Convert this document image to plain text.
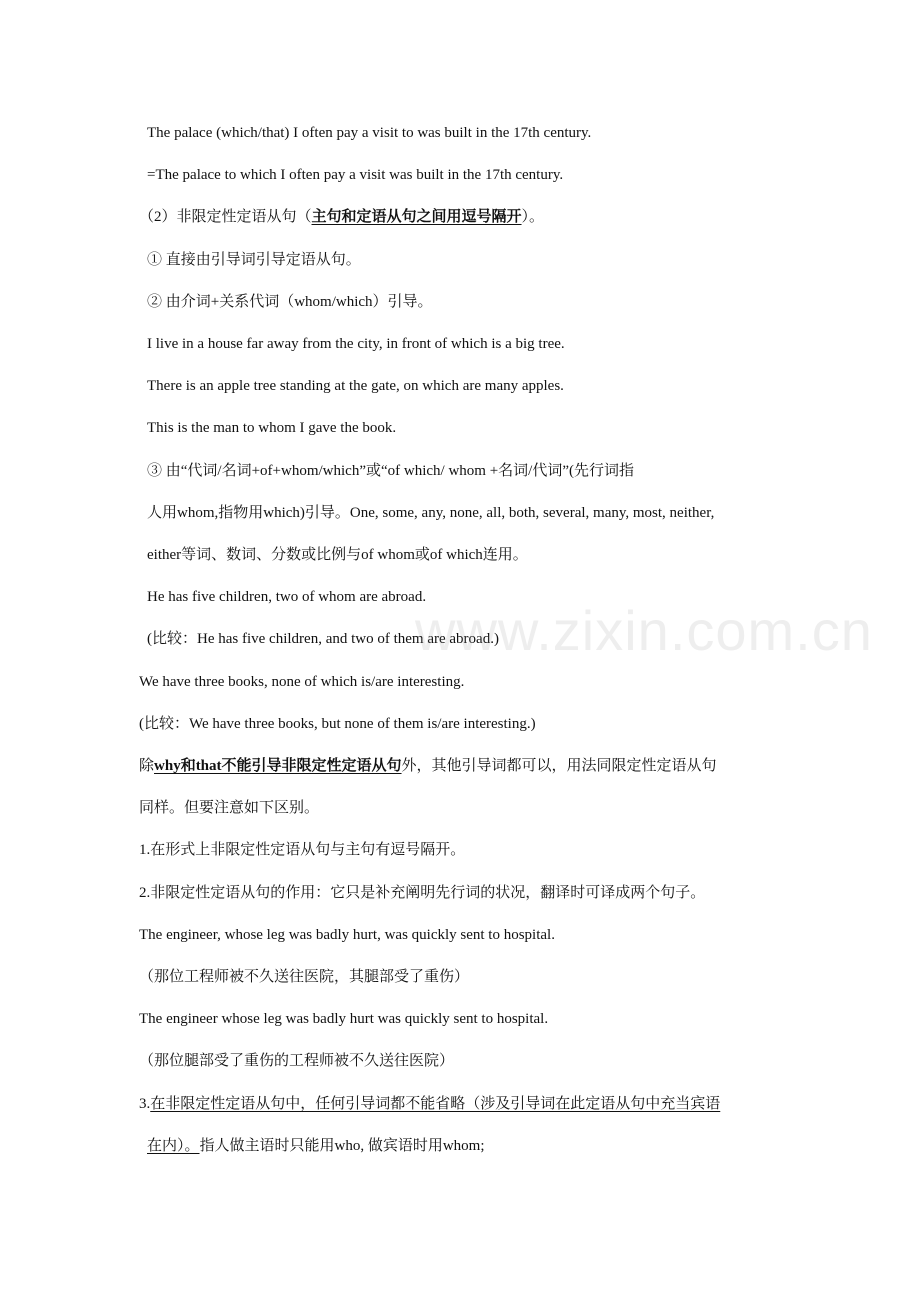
The palace (which/that) I often pay a visit to was built in the 17th century.
=The palace to which I often pay a visit was built in the 17th century.
（2）非限定性定语从句（主句和定语从句之间用逗号隔开）。
① 直接由引导词引导定语从句。
② 由介词+关系代词（whom/which）引导。
I live in a house far away from the city, in front of which is a big tree.
There is an apple tree standing at the gate, on which are many apples.
This is the man to whom I gave the book.
③ 由“代词/名词+of+whom/which”或“of which/ whom +名词/代词”(先行词指
人用whom,指物用which)引导。One, some, any, none, all, both, several, many, most, neither,
either等词、数词、分数或比例与of whom或of which连用。
He has five children, two of whom are abroad.
(比较：He has five children, and two of them are abroad.)
We have three books, none of which is/are interesting.
(比较：We have three books, but none of them is/are interesting.)
除why和that不能引导非限定性定语从句外，其他引导词都可以，用法同限定性定语从句
同样。但要注意如下区别。
1.在形式上非限定性定语从句与主句有逗号隔开。
2.非限定性定语从句的作用：它只是补充阐明先行词的状况，翻译时可译成两个句子。
The engineer, whose leg was badly hurt, was quickly sent to hospital.
（那位工程师被不久送往医院，其腿部受了重伤）
The engineer whose leg was badly hurt was quickly sent to hospital.
（那位腿部受了重伤的工程师被不久送往医院）
3.在非限定性定语从句中，任何引导词都不能省略（涉及引导词在此定语从句中充当宾语
在内）。指人做主语时只能用who, 做宾语时用whom;
www.zixin.com.cn
